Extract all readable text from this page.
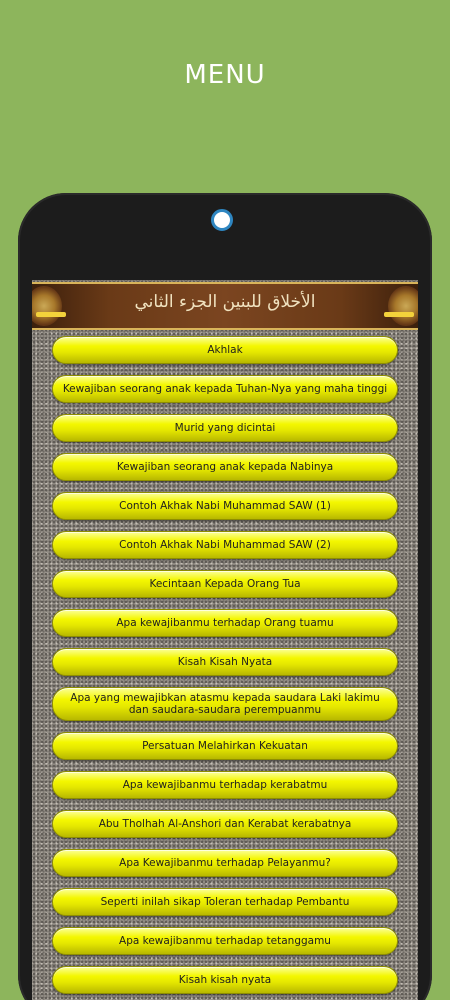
MENU
الأخلاق للبنين الجزء الثاني
Akhlak
Kewajiban seorang anak kepada Tuhan-Nya yang maha tinggi
Murid yang dicintai
Kewajiban seorang anak kepada Nabinya
Contoh Akhak Nabi Muhammad SAW (1)
Contoh Akhak Nabi Muhammad SAW (2)
Kecintaan Kepada Orang Tua
Apa kewajibanmu terhadap Orang tuamu
Kisah Kisah Nyata
Apa yang mewajibkan atasmu kepada saudara Laki lakimu dan saudara-saudara perempuanmu
Persatuan Melahirkan Kekuatan
Apa kewajibanmu terhadap kerabatmu
Abu Tholhah Al-Anshori dan Kerabat kerabatnya
Apa Kewajibanmu terhadap Pelayanmu?
Seperti inilah sikap Toleran terhadap Pembantu
Apa kewajibanmu terhadap tetanggamu
Kisah kisah nyata
